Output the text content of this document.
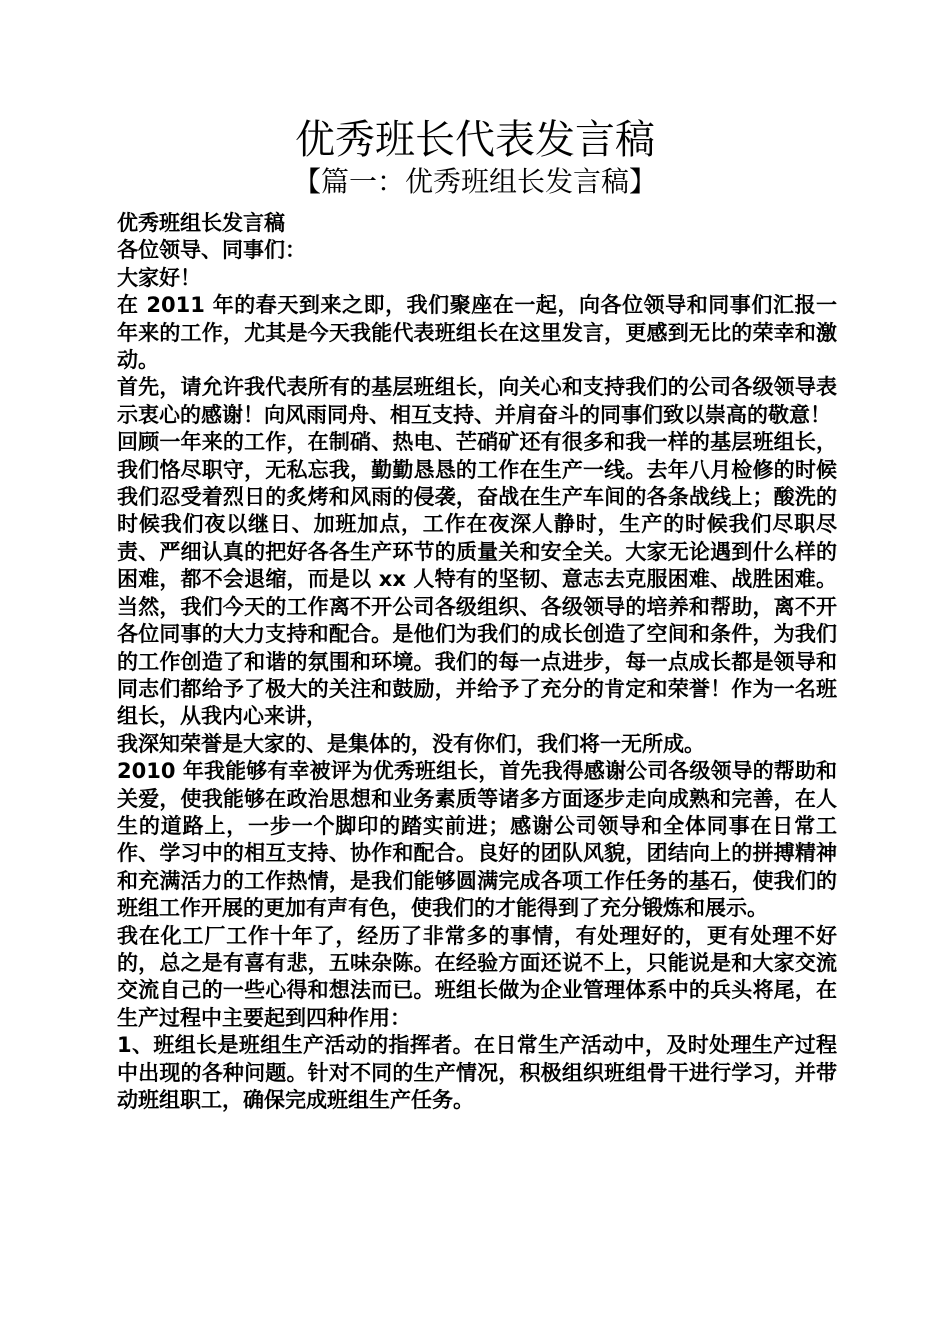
优秀班长代表发言稿
【篇一：优秀班组长发言稿】

优秀班组长发言稿

各位领导、同事们：

大家好！

在 2011 年的春天到来之即，我们聚座在一起，向各位领导和同事们汇报一年来的工作，尤其是今天我能代表班组长在这里发言，更感到无比的荣幸和激动。

首先，请允许我代表所有的基层班组长，向关心和支持我们的公司各级领导表示衷心的感谢！向风雨同舟、相互支持、并肩奋斗的同事们致以崇高的敬意！

回顾一年来的工作，在制硝、热电、芒硝矿还有很多和我一样的基层班组长，我们恪尽职守，无私忘我，勤勤恳恳的工作在生产一线。去年八月检修的时候我们忍受着烈日的炙烤和风雨的侵袭，奋战在生产车间的各条战线上；酸洗的时候我们夜以继日、加班加点，工作在夜深人静时，生产的时候我们尽职尽责、严细认真的把好各各生产环节的质量关和安全关。大家无论遇到什么样的困难，都不会退缩，而是以 xx 人特有的坚韧、意志去克服困难、战胜困难。当然，我们今天的工作离不开公司各级组织、各级领导的培养和帮助，离不开各位同事的大力支持和配合。是他们为我们的成长创造了空间和条件，为我们的工作创造了和谐的氛围和环境。我们的每一点进步，每一点成长都是领导和同志们都给予了极大的关注和鼓励，并给予了充分的肯定和荣誉！作为一名班组长，从我内心来讲，

我深知荣誉是大家的、是集体的，没有你们，我们将一无所成。

2010 年我能够有幸被评为优秀班组长，首先我得感谢公司各级领导的帮助和关爱，使我能够在政治思想和业务素质等诸多方面逐步走向成熟和完善，在人生的道路上，一步一个脚印的踏实前进；感谢公司领导和全体同事在日常工作、学习中的相互支持、协作和配合。良好的团队风貌，团结向上的拼搏精神和充满活力的工作热情，是我们能够圆满完成各项工作任务的基石，使我们的班组工作开展的更加有声有色，使我们的才能得到了充分锻炼和展示。

我在化工厂工作十年了，经历了非常多的事情，有处理好的，更有处理不好的，总之是有喜有悲，五味杂陈。在经验方面还说不上，只能说是和大家交流交流自己的一些心得和想法而已。班组长做为企业管理体系中的兵头将尾，在生产过程中主要起到四种作用：

1、班组长是班组生产活动的指挥者。在日常生产活动中，及时处理生产过程中出现的各种问题。针对不同的生产情况，积极组织班组骨干进行学习，并带动班组职工，确保完成班组生产任务。
